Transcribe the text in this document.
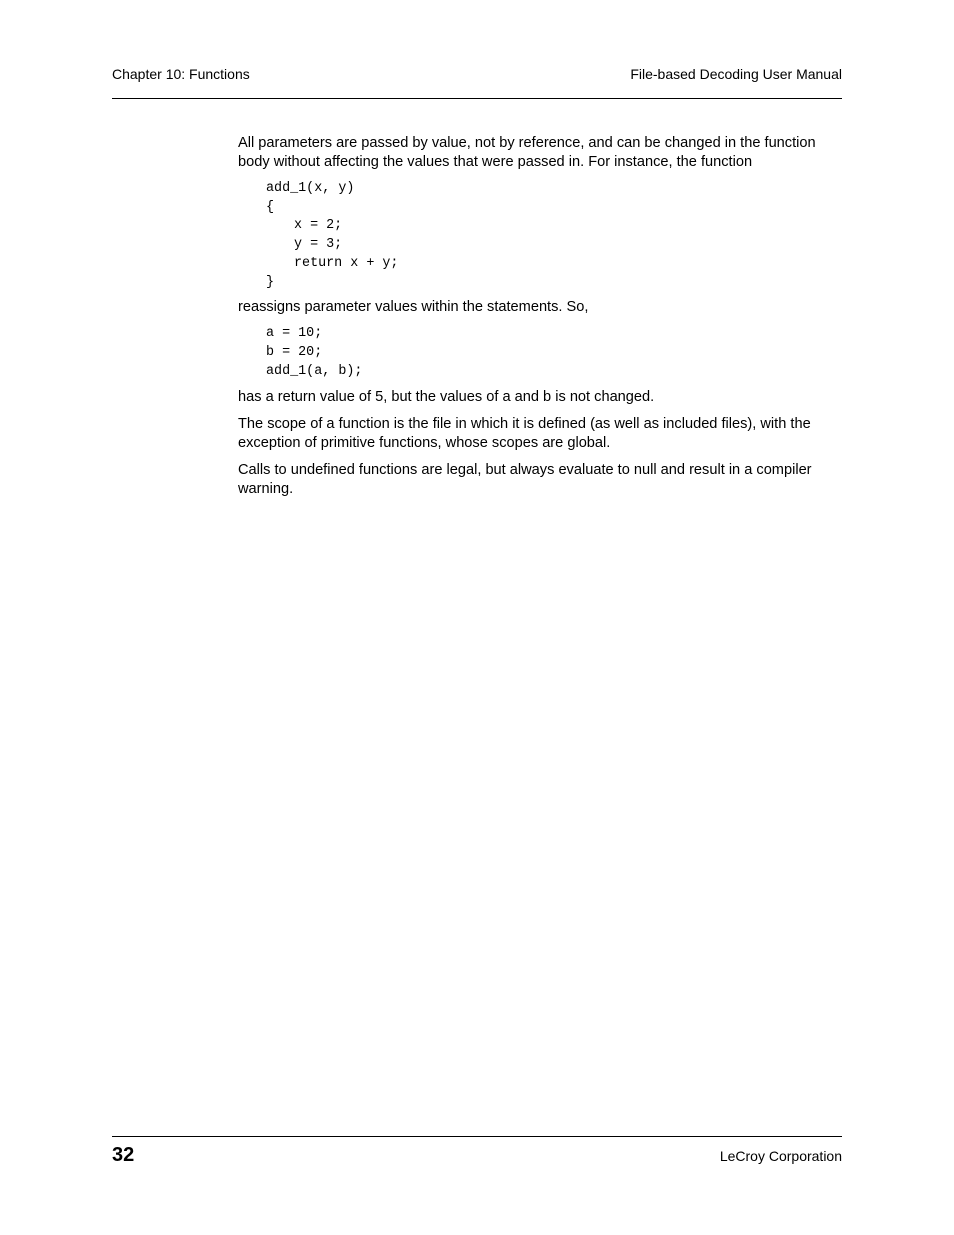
Chapter 10: Functions	File-based Decoding User Manual

All parameters are passed by value, not by reference, and can be changed in the function body without affecting the values that were passed in. For instance, the function

add_1(x, y)
{
x = 2;
y = 3;
return x + y;
}

reassigns parameter values within the statements. So,

a = 10;
b = 20;
add_1(a, b);

has a return value of 5, but the values of a and b is not changed.

The scope of a function is the file in which it is defined (as well as included files), with the exception of primitive functions, whose scopes are global.

Calls to undefined functions are legal, but always evaluate to null and result in a compiler warning.

32	LeCroy Corporation
